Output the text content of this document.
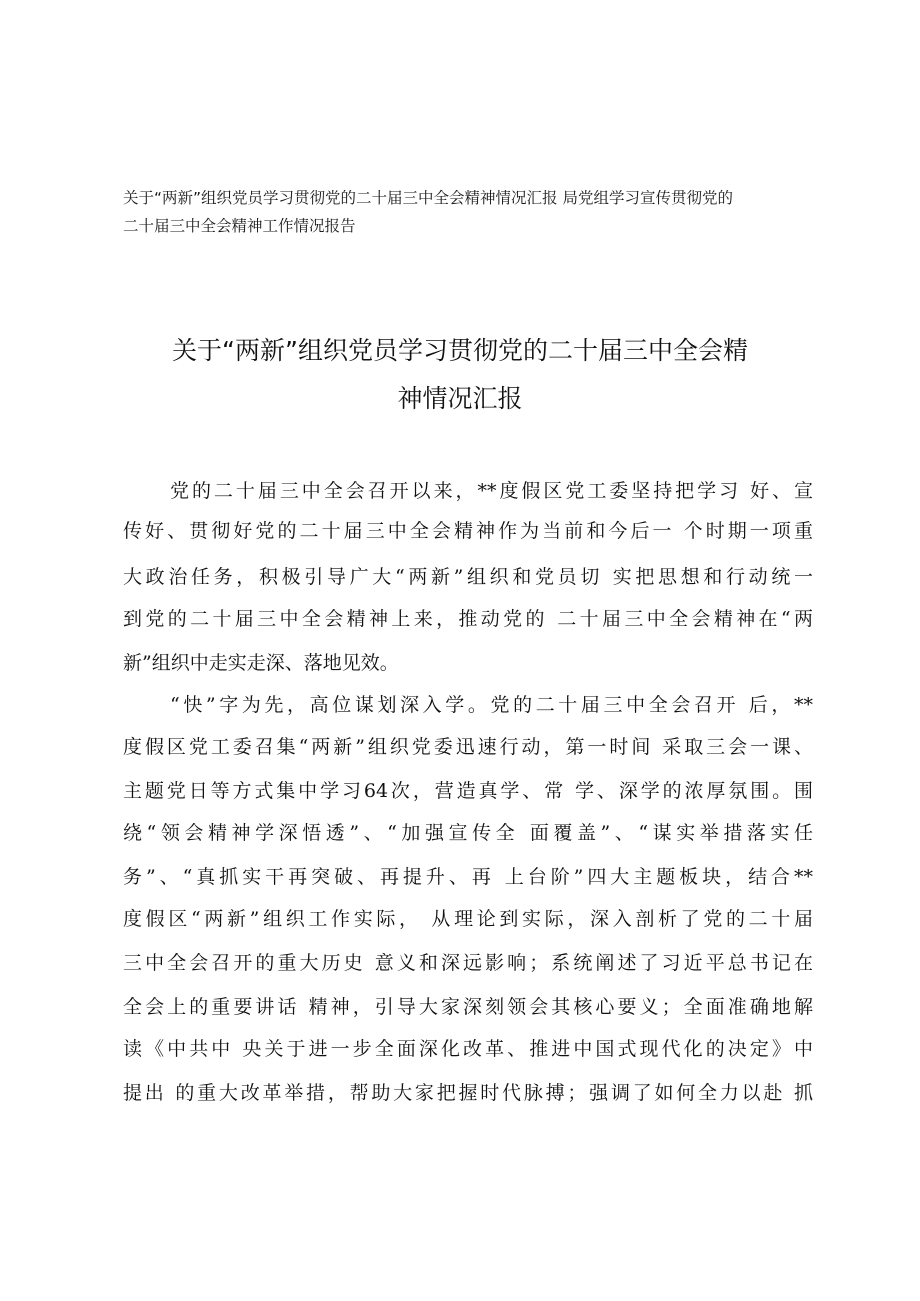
关于“两新”组织党员学习贯彻党的二十届三中全会精神情况汇报 局党组学习宣传贯彻党的
二十届三中全会精神工作情况报告
关于“两新”组织党员学习贯彻党的二十届三中全会精
神情况汇报
党的二十届三中全会召开以来，**度假区党工委坚持把学习 好、宣
传好、贯彻好党的二十届三中全会精神作为当前和今后一 个时期一项重
大政治任务，积极引导广大“两新”组织和党员切 实把思想和行动统一
到党的二十届三中全会精神上来，推动党的 二十届三中全会精神在“两
新”组织中走实走深、落地见效。
“快”字为先，高位谋划深入学。党的二十届三中全会召开 后，**
度假区党工委召集“两新”组织党委迅速行动，第一时间 采取三会一课、
主题党日等方式集中学习64次，营造真学、常 学、深学的浓厚氛围。围
绕“领会精神学深悟透”、“加强宣传全 面覆盖”、“谋实举措落实任
务”、“真抓实干再突破、再提升、再 上台阶”四大主题板块，结合**
度假区“两新”组织工作实际， 从理论到实际，深入剖析了党的二十届
三中全会召开的重大历史 意义和深远影响；系统阐述了习近平总书记在
全会上的重要讲话 精神，引导大家深刻领会其核心要义；全面准确地解
读《中共中 央关于进一步全面深化改革、推进中国式现代化的决定》中
提出 的重大改革举措，帮助大家把握时代脉搏；强调了如何全力以赴 抓
